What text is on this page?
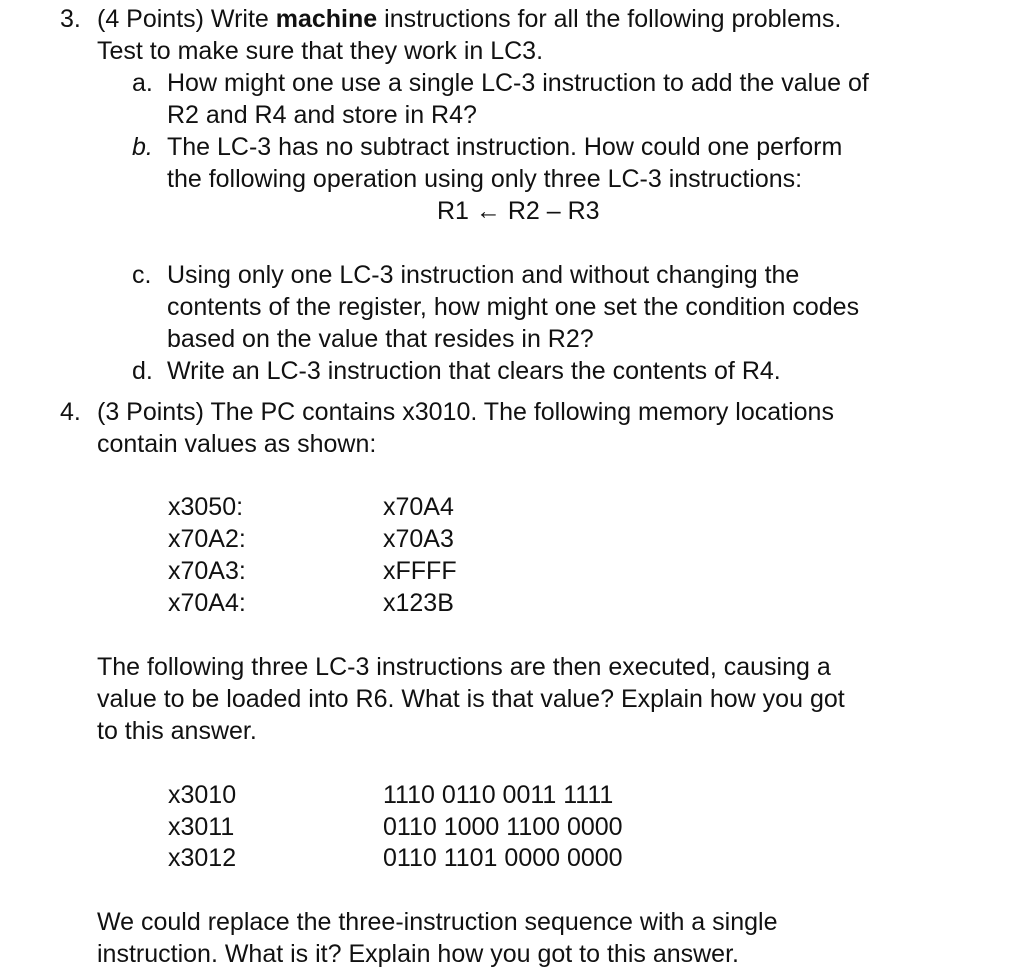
3. (4 Points) Write machine instructions for all the following problems.
Test to make sure that they work in LC3.
a. How might one use a single LC-3 instruction to add the value of
R2 and R4 and store in R4?
b. The LC-3 has no subtract instruction. How could one perform
the following operation using only three LC-3 instructions:
R1 ← R2 – R3
c. Using only one LC-3 instruction and without changing the
contents of the register, how might one set the condition codes
based on the value that resides in R2?
d. Write an LC-3 instruction that clears the contents of R4.
4. (3 Points) The PC contains x3010. The following memory locations
contain values as shown:
x3050:	x70A4
x70A2:	x70A3
x70A3:	xFFFF
x70A4:	x123B
The following three LC-3 instructions are then executed, causing a
value to be loaded into R6. What is that value? Explain how you got
to this answer.
x3010	1110 0110 0011 1111
x3011	0110 1000 1100 0000
x3012	0110 1101 0000 0000
We could replace the three-instruction sequence with a single
instruction. What is it? Explain how you got to this answer.
